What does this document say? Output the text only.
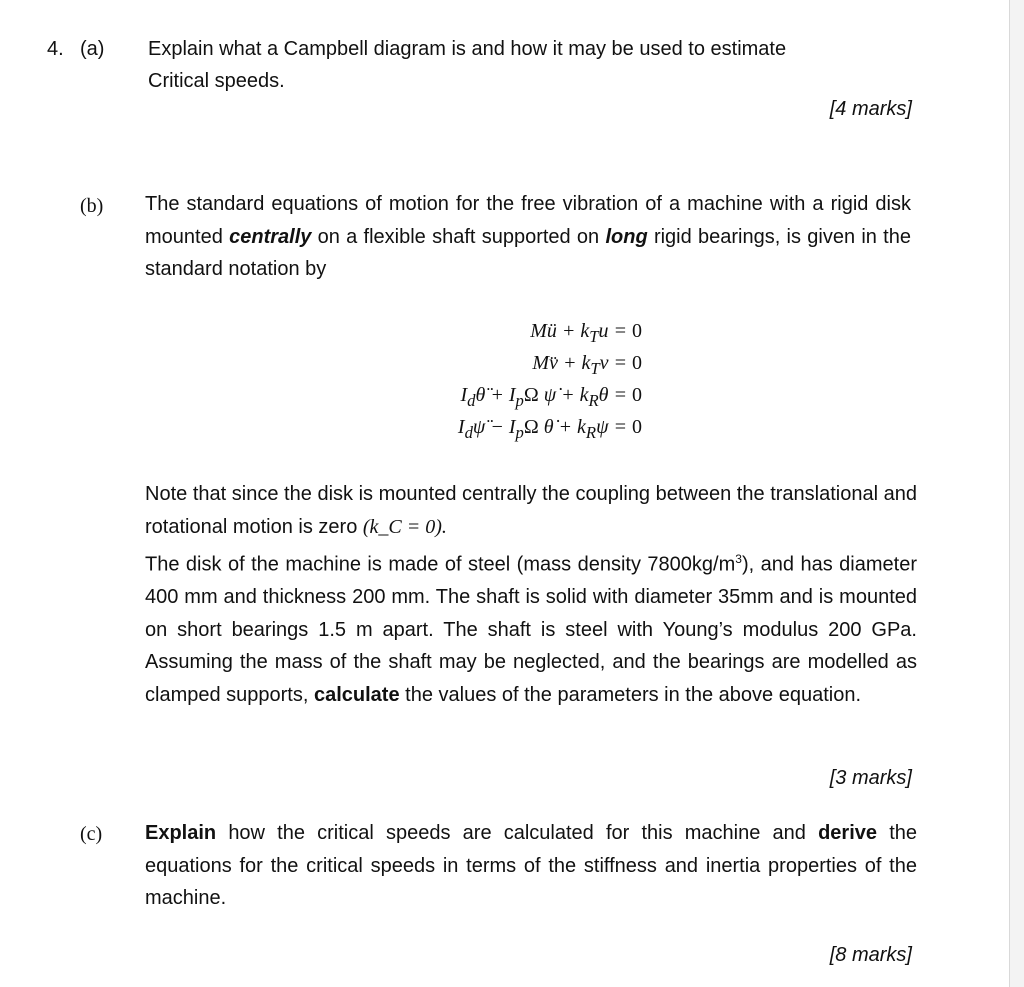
4. (a) Explain what a Campbell diagram is and how it may be used to estimate
Critical speeds.
[4 marks]
(b) The standard equations of motion for the free vibration of a machine with a rigid disk mounted centrally on a flexible shaft supported on long rigid bearings, is given in the standard notation by
Mü + $k_Tu = 0$
Mv̈ + $k_Tv = 0$
$I_d\thetä + I_p\Omega$ ψ̇ + $k_R\theta = 0$
$I_d\psï - I_p\Omega$ θ̇ + $k_R\psi = 0$
Note that since the disk is mounted centrally the coupling between the translational and rotational motion is zero (k_C = 0).
The disk of the machine is made of steel (mass density $7800kg/m^3$), and has diameter 400 mm and thickness 200 mm. The shaft is solid with diameter 35mm and is mounted on short bearings 1.5 m apart. The shaft is steel with Young’s modulus 200 GPa. Assuming the mass of the shaft may be neglected, and the bearings are modelled as clamped supports, calculate the values of the parameters in the above equation.
[3 marks]
(c) Explain how the critical speeds are calculated for this machine and derive the equations for the critical speeds in terms of the stiffness and inertia properties of the machine.
[8 marks]
